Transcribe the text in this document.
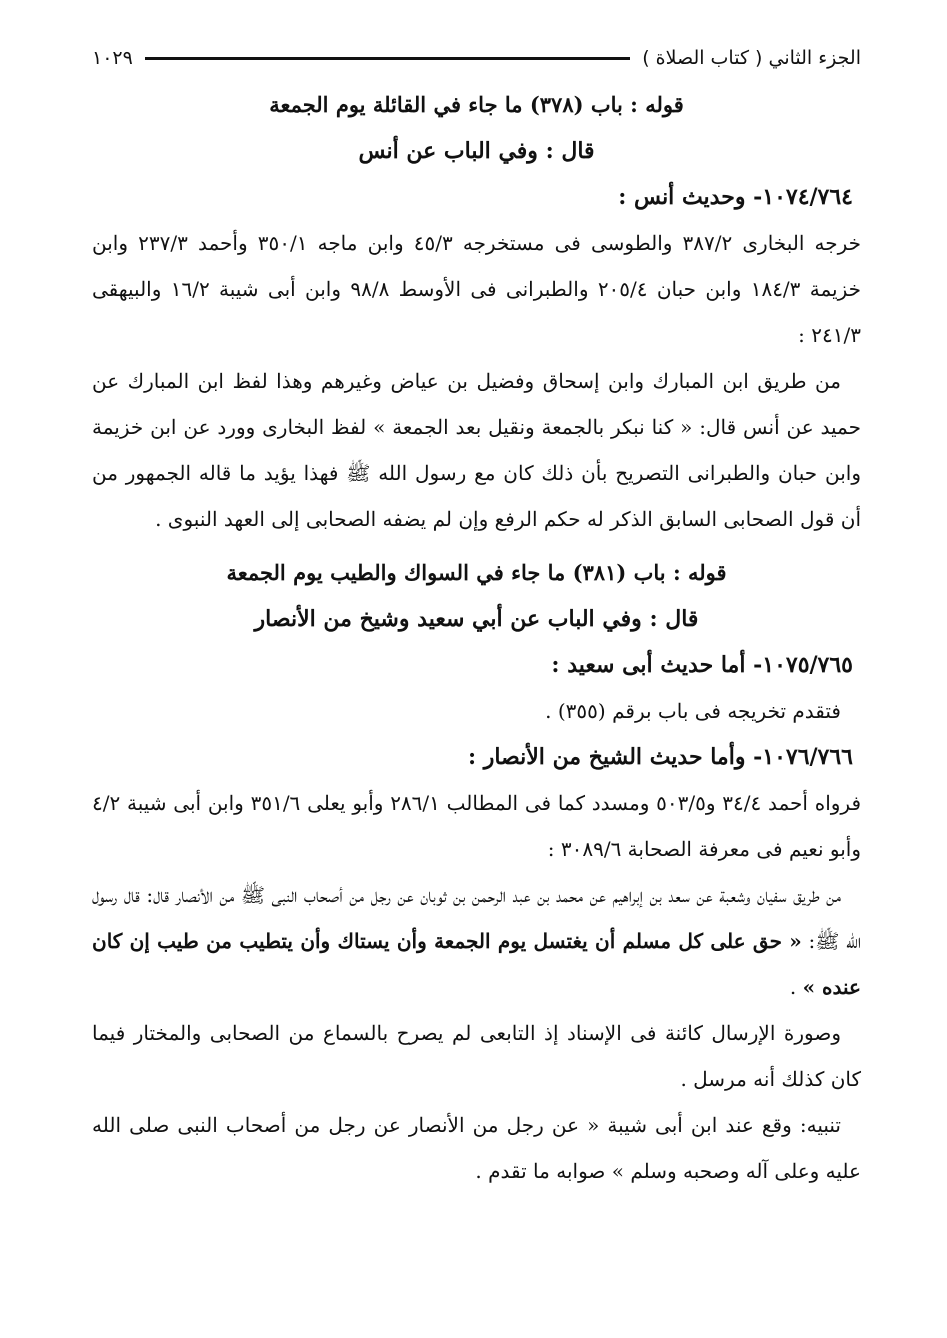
الجزء الثاني ( كتاب الصلاة )
١٠٢٩

قوله : باب (٣٧٨) ما جاء في القائلة يوم الجمعة

قال : وفي الباب عن أنس

١٠٧٤/٧٦٤- وحديث أنس :

خرجه البخارى ٣٨٧/٢ والطوسى فى مستخرجه ٤٥/٣ وابن ماجه ٣٥٠/١ وأحمد ٢٣٧/٣ وابن خزيمة ١٨٤/٣ وابن حبان ٢٠٥/٤ والطبرانى فى الأوسط ٩٨/٨ وابن أبى شيبة ١٦/٢ والبيهقى ٢٤١/٣ :

من طريق ابن المبارك وابن إسحاق وفضيل بن عياض وغيرهم وهذا لفظ ابن المبارك عن حميد عن أنس قال: « كنا نبكر بالجمعة ونقيل بعد الجمعة » لفظ البخارى وورد عن ابن خزيمة وابن حبان والطبرانى التصريح بأن ذلك كان مع رسول الله ﷺ فهذا يؤيد ما قاله الجمهور من أن قول الصحابى السابق الذكر له حكم الرفع وإن لم يضفه الصحابى إلى العهد النبوى .

قوله : باب (٣٨١) ما جاء في السواك والطيب يوم الجمعة

قال : وفي الباب عن أبي سعيد وشيخ من الأنصار

١٠٧٥/٧٦٥- أما حديث أبى سعيد :

فتقدم تخريجه فى باب برقم (٣٥٥) .

١٠٧٦/٧٦٦- وأما حديث الشيخ من الأنصار :

فرواه أحمد ٣٤/٤ و٥٠٣/٥ ومسدد كما فى المطالب ٢٨٦/١ وأبو يعلى ٣٥١/٦ وابن أبى شيبة ٤/٢ وأبو نعيم فى معرفة الصحابة ٣٠٨٩/٦ :

من طريق سفيان وشعبة عن سعد بن إبراهيم عن محمد بن عبد الرحمن بن ثوبان عن رجل من أصحاب النبى ﷺ من الأنصار قال: قال رسول الله ﷺ: « حق على كل مسلم أن يغتسل يوم الجمعة وأن يستاك وأن يتطيب من طيب إن كان عنده » .

وصورة الإرسال كائنة فى الإسناد إذ التابعى لم يصرح بالسماع من الصحابى والمختار فيما كان كذلك أنه مرسل .

تنبيه: وقع عند ابن أبى شيبة « عن رجل من الأنصار عن رجل من أصحاب النبى صلى الله عليه وعلى آله وصحبه وسلم » صوابه ما تقدم .
